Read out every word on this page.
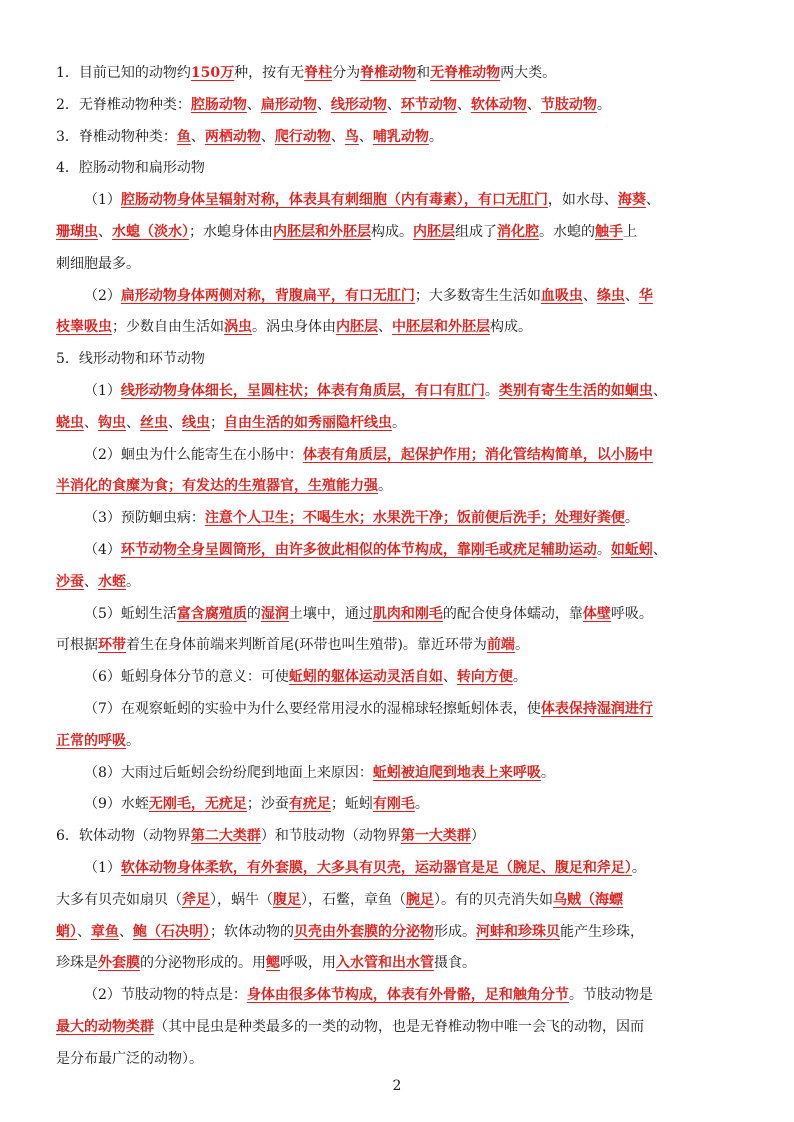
1．目前已知的动物约150万种，按有无脊柱分为脊椎动物和无脊椎动物两大类。
2．无脊椎动物种类：腔肠动物、扁形动物、线形动物、环节动物、软体动物、节肢动物。
3．脊椎动物种类：鱼、两栖动物、爬行动物、鸟、哺乳动物。
4．腔肠动物和扁形动物
（1）腔肠动物身体呈辐射对称，体表具有刺细胞（内有毒素），有口无肛门，如水母、海葵、
珊瑚虫、水螅（淡水）；水螅身体由内胚层和外胚层构成。内胚层组成了消化腔。水螅的触手上
刺细胞最多。
（2）扁形动物身体两侧对称，背腹扁平，有口无肛门；大多数寄生生活如血吸虫、绦虫、华
枝睾吸虫；少数自由生活如涡虫。涡虫身体由内胚层、中胚层和外胚层构成。
5．线形动物和环节动物
（1）线形动物身体细长，呈圆柱状；体表有角质层，有口有肛门。类别有寄生生活的如蛔虫、
蛲虫、钩虫、丝虫、线虫；自由生活的如秀丽隐杆线虫。
（2）蛔虫为什么能寄生在小肠中：体表有角质层，起保护作用；消化管结构简单，以小肠中
半消化的食糜为食；有发达的生殖器官，生殖能力强。
（3）预防蛔虫病：注意个人卫生；不喝生水；水果洗干净；饭前便后洗手；处理好粪便。
（4）环节动物全身呈圆筒形，由许多彼此相似的体节构成，靠刚毛或疣足辅助运动。如蚯蚓、
沙蚕、水蛭。
（5）蚯蚓生活富含腐殖质的湿润土壤中，通过肌肉和刚毛的配合使身体蠕动，靠体壁呼吸。
可根据环带着生在身体前端来判断首尾(环带也叫生殖带)。靠近环带为前端。
（6）蚯蚓身体分节的意义：可使蚯蚓的躯体运动灵活自如、转向方便。
（7）在观察蚯蚓的实验中为什么要经常用浸水的湿棉球轻擦蚯蚓体表，使体表保持湿润进行
正常的呼吸。
（8）大雨过后蚯蚓会纷纷爬到地面上来原因：蚯蚓被迫爬到地表上来呼吸。
（9）水蛭无刚毛，无疣足；沙蚕有疣足；蚯蚓有刚毛。
6．软体动物（动物界第二大类群）和节肢动物（动物界第一大类群）
（1）软体动物身体柔软，有外套膜，大多具有贝壳，运动器官是足（腕足、腹足和斧足）。
大多有贝壳如扇贝（斧足），蜗牛（腹足），石鳖，章鱼（腕足）。有的贝壳消失如乌贼（海螵
蛸）、章鱼、鲍（石决明）；软体动物的贝壳由外套膜的分泌物形成。河蚌和珍珠贝能产生珍珠，
珍珠是外套膜的分泌物形成的。用鳃呼吸，用入水管和出水管摄食。
（2）节肢动物的特点是：身体由很多体节构成，体表有外骨骼，足和触角分节。节肢动物是
最大的动物类群（其中昆虫是种类最多的一类的动物，也是无脊椎动物中唯一会飞的动物，因而
是分布最广泛的动物）。
2
